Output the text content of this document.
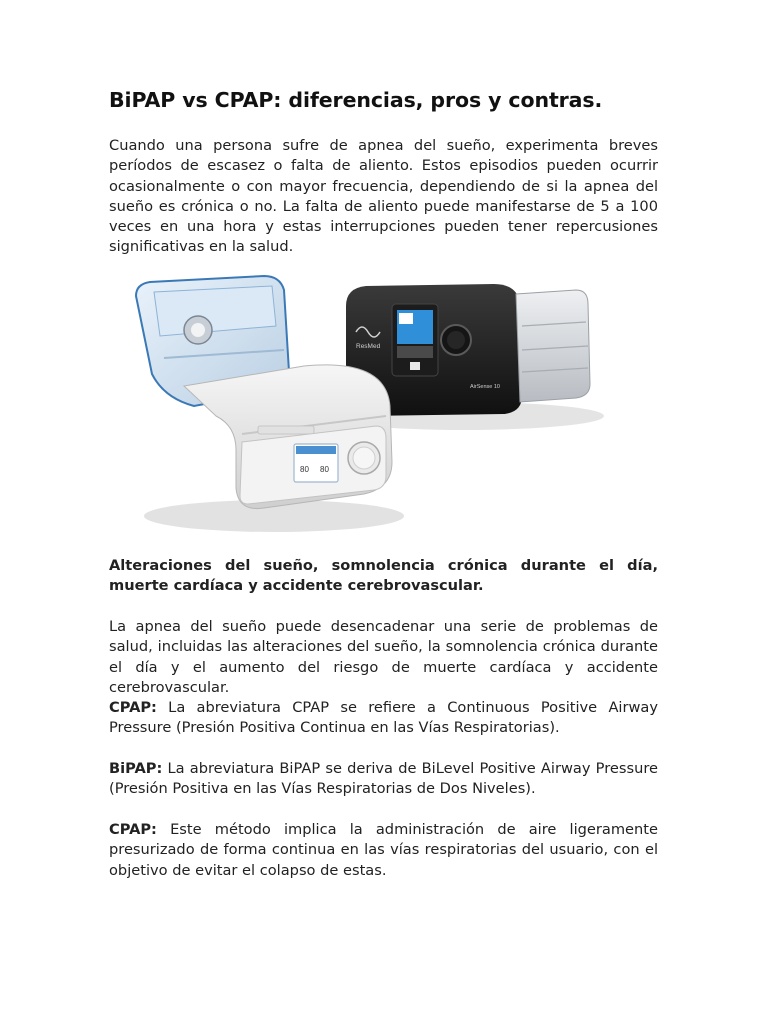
BiPAP vs CPAP: diferencias, pros y contras.

Cuando una persona sufre de apnea del sueño, experimenta breves períodos de escasez o falta de aliento. Estos episodios pueden ocurrir ocasionalmente o con mayor frecuencia, dependiendo de si la apnea del sueño es crónica o no. La falta de aliento puede manifestarse de 5 a 100 veces en una hora y estas interrupciones pueden tener repercusiones significativas en la salud.

Alteraciones del sueño, somnolencia crónica durante el día, muerte cardíaca y accidente cerebrovascular.

La apnea del sueño puede desencadenar una serie de problemas de salud, incluidas las alteraciones del sueño, la somnolencia crónica durante el día y el aumento del riesgo de muerte cardíaca y accidente cerebrovascular.

CPAP: La abreviatura CPAP se refiere a Continuous Positive Airway Pressure (Presión Positiva Continua en las Vías Respiratorias).

BiPAP: La abreviatura BiPAP se deriva de BiLevel Positive Airway Pressure (Presión Positiva en las Vías Respiratorias de Dos Niveles).

CPAP: Este método implica la administración de aire ligeramente presurizado de forma continua en las vías respiratorias del usuario, con el objetivo de evitar el colapso de estas.

ResMed
AirSense 10
80 80
